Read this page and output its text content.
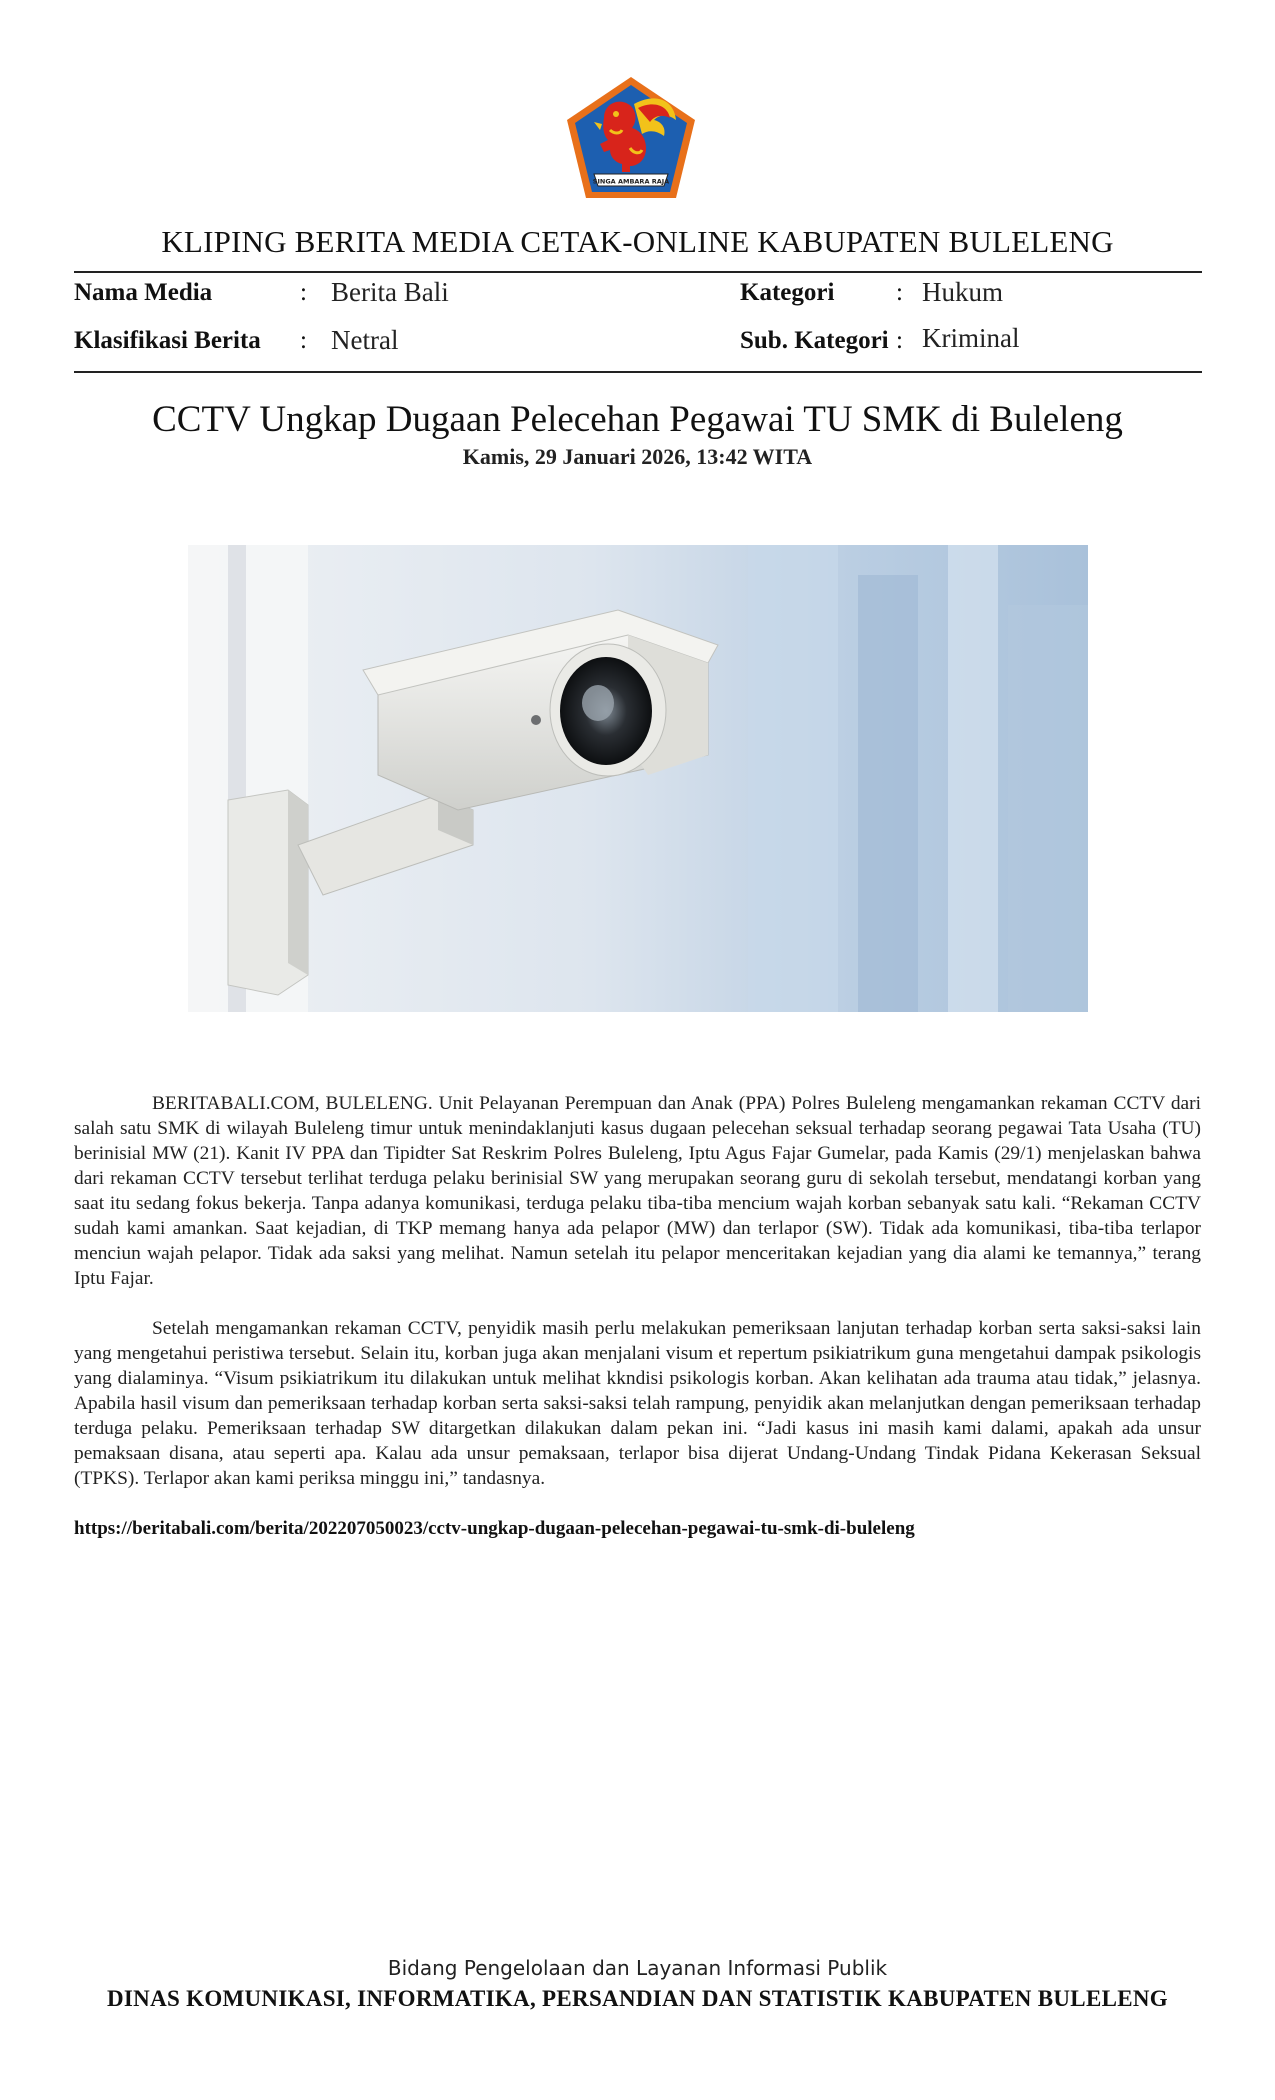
SINGA AMBARA RAJA
KLIPING BERITA MEDIA CETAK-ONLINE KABUPATEN BULELENG
Nama Media	: Berita Bali	Kategori : Hukum
Klasifikasi Berita : Netral	Sub. Kategori : Kriminal
CCTV Ungkap Dugaan Pelecehan Pegawai TU SMK di Buleleng
Kamis, 29 Januari 2026, 13:42 WITA

BERITABALI.COM, BULELENG. Unit Pelayanan Perempuan dan Anak (PPA) Polres Buleleng mengamankan rekaman CCTV dari salah satu SMK di wilayah Buleleng timur untuk menindaklanjuti kasus dugaan pelecehan seksual terhadap seorang pegawai Tata Usaha (TU) berinisial MW (21). Kanit IV PPA dan Tipidter Sat Reskrim Polres Buleleng, Iptu Agus Fajar Gumelar, pada Kamis (29/1) menjelaskan bahwa dari rekaman CCTV tersebut terlihat terduga pelaku berinisial SW yang merupakan seorang guru di sekolah tersebut, mendatangi korban yang saat itu sedang fokus bekerja. Tanpa adanya komunikasi, terduga pelaku tiba-tiba mencium wajah korban sebanyak satu kali. “Rekaman CCTV sudah kami amankan. Saat kejadian, di TKP memang hanya ada pelapor (MW) dan terlapor (SW). Tidak ada komunikasi, tiba-tiba terlapor menciun wajah pelapor. Tidak ada saksi yang melihat. Namun setelah itu pelapor menceritakan kejadian yang dia alami ke temannya,” terang Iptu Fajar.

Setelah mengamankan rekaman CCTV, penyidik masih perlu melakukan pemeriksaan lanjutan terhadap korban serta saksi-saksi lain yang mengetahui peristiwa tersebut. Selain itu, korban juga akan menjalani visum et repertum psikiatrikum guna mengetahui dampak psikologis yang dialaminya. “Visum psikiatrikum itu dilakukan untuk melihat kkndisi psikologis korban. Akan kelihatan ada trauma atau tidak,” jelasnya. Apabila hasil visum dan pemeriksaan terhadap korban serta saksi-saksi telah rampung, penyidik akan melanjutkan dengan pemeriksaan terhadap terduga pelaku. Pemeriksaan terhadap SW ditargetkan dilakukan dalam pekan ini. “Jadi kasus ini masih kami dalami, apakah ada unsur pemaksaan disana, atau seperti apa. Kalau ada unsur pemaksaan, terlapor bisa dijerat Undang-Undang Tindak Pidana Kekerasan Seksual (TPKS). Terlapor akan kami periksa minggu ini,” tandasnya.

https://beritabali.com/berita/202207050023/cctv-ungkap-dugaan-pelecehan-pegawai-tu-smk-di-buleleng
Bidang Pengelolaan dan Layanan Informasi Publik
DINAS KOMUNIKASI, INFORMATIKA, PERSANDIAN DAN STATISTIK KABUPATEN BULELENG
